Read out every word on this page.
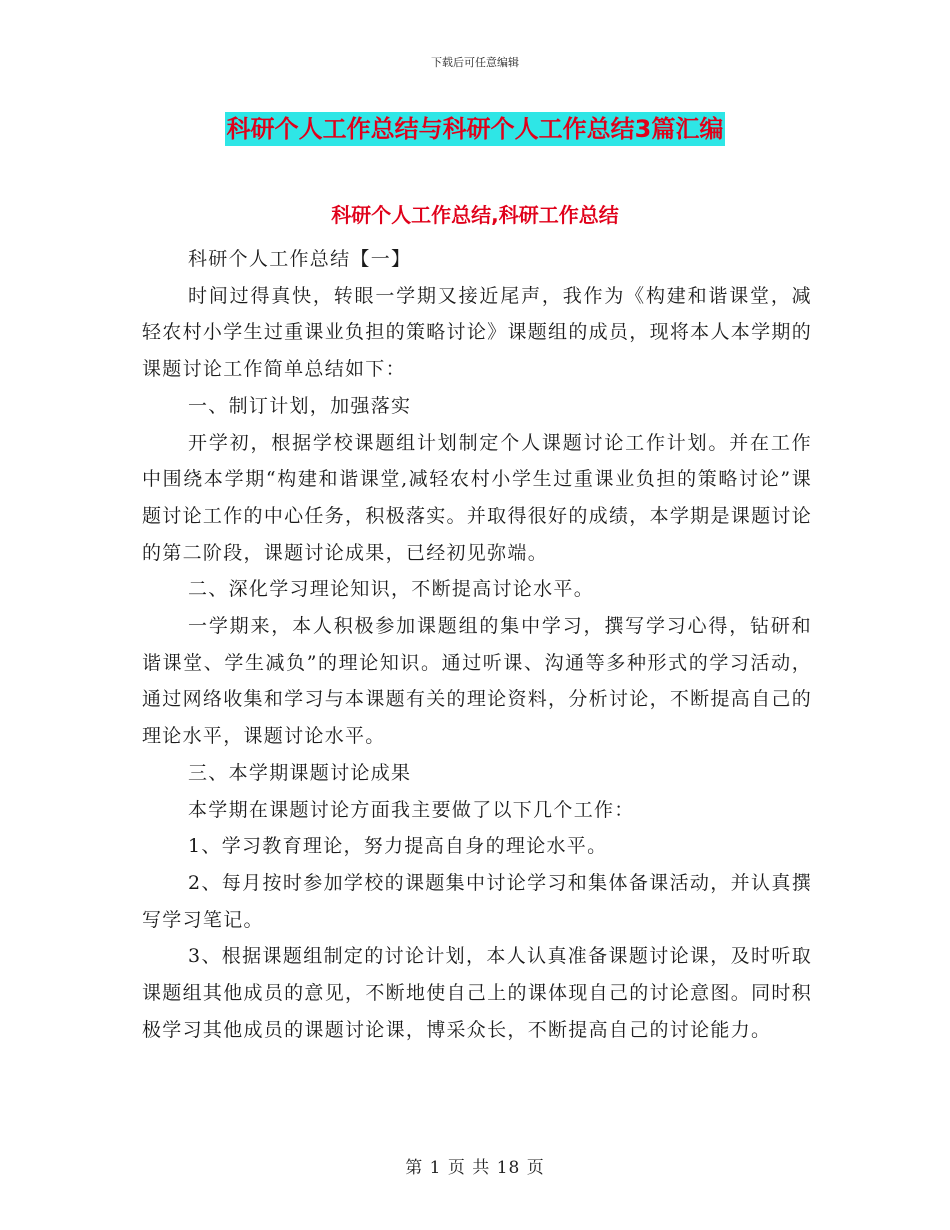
下载后可任意编辑
科研个人工作总结与科研个人工作总结3篇汇编
科研个人工作总结,科研工作总结

科研个人工作总结【一】

时间过得真快，转眼一学期又接近尾声，我作为《构建和谐课堂，减轻农村小学生过重课业负担的策略讨论》课题组的成员，现将本人本学期的课题讨论工作简单总结如下：

一、制订计划，加强落实

开学初，根据学校课题组计划制定个人课题讨论工作计划。并在工作中围绕本学期“构建和谐课堂,减轻农村小学生过重课业负担的策略讨论”课题讨论工作的中心任务，积极落实。并取得很好的成绩，本学期是课题讨论的第二阶段，课题讨论成果，已经初见弥端。

二、深化学习理论知识，不断提高讨论水平。

一学期来，本人积极参加课题组的集中学习，撰写学习心得，钻研和谐课堂、学生减负”的理论知识。通过听课、沟通等多种形式的学习活动，通过网络收集和学习与本课题有关的理论资料，分析讨论，不断提高自己的理论水平，课题讨论水平。

三、本学期课题讨论成果

本学期在课题讨论方面我主要做了以下几个工作：

1、学习教育理论，努力提高自身的理论水平。

2、每月按时参加学校的课题集中讨论学习和集体备课活动，并认真撰写学习笔记。

3、根据课题组制定的讨论计划，本人认真准备课题讨论课，及时听取课题组其他成员的意见，不断地使自己上的课体现自己的讨论意图。同时积极学习其他成员的课题讨论课，博采众长，不断提高自己的讨论能力。

第 1 页 共 18 页
